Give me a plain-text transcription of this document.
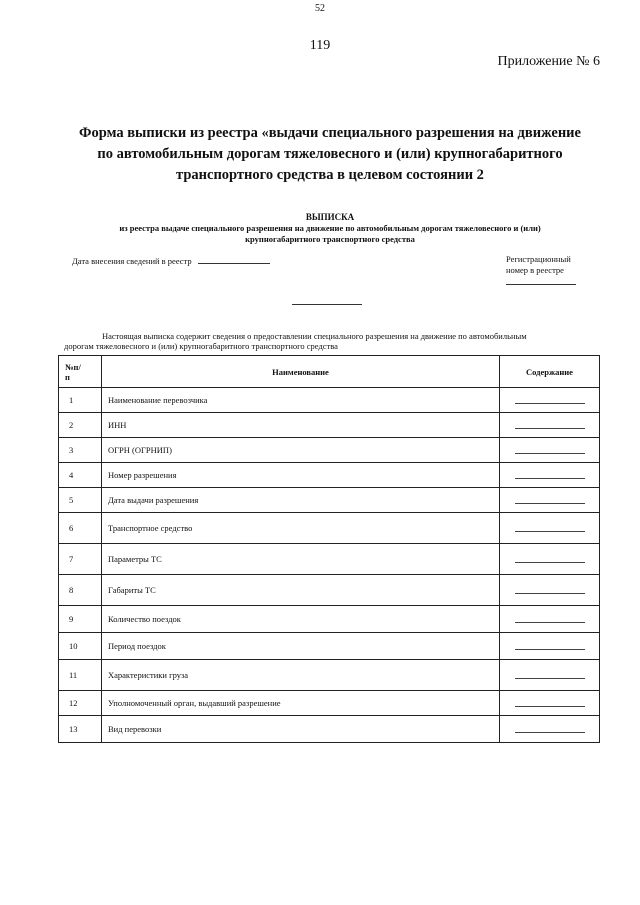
52
119
Приложение № 6
Форма выписки из реестра «выдачи специального разрешения на движение
по автомобильным дорогам тяжеловесного и (или) крупногабаритного
транспортного средства в целевом состоянии 2
ВЫПИСКА
из реестра выдаче специального разрешения на движение по автомобильным дорогам тяжеловесного и (или)
крупногабаритного транспортного средства
Дата внесения сведений в реестр	Регистрационный
номер в реестре
Настоящая выписка содержит сведения о предоставлении специального разрешения на движение по автомобильным
дорогам тяжеловесного и (или) крупногабаритного транспортного средства
№п/
п	Наименование	Содержание
1	Наименование перевозчика	
2	ИНН	
3	ОГРН (ОГРНИП)	
4	Номер разрешения	
5	Дата выдачи разрешения	
6	Транспортное средство	
7	Параметры ТС	
8	Габариты ТС	
9	Количество поездок	
10	Период поездок	
11	Характеристики груза	
12	Уполномоченный орган, выдавший разрешение	
13	Вид перевозки	
